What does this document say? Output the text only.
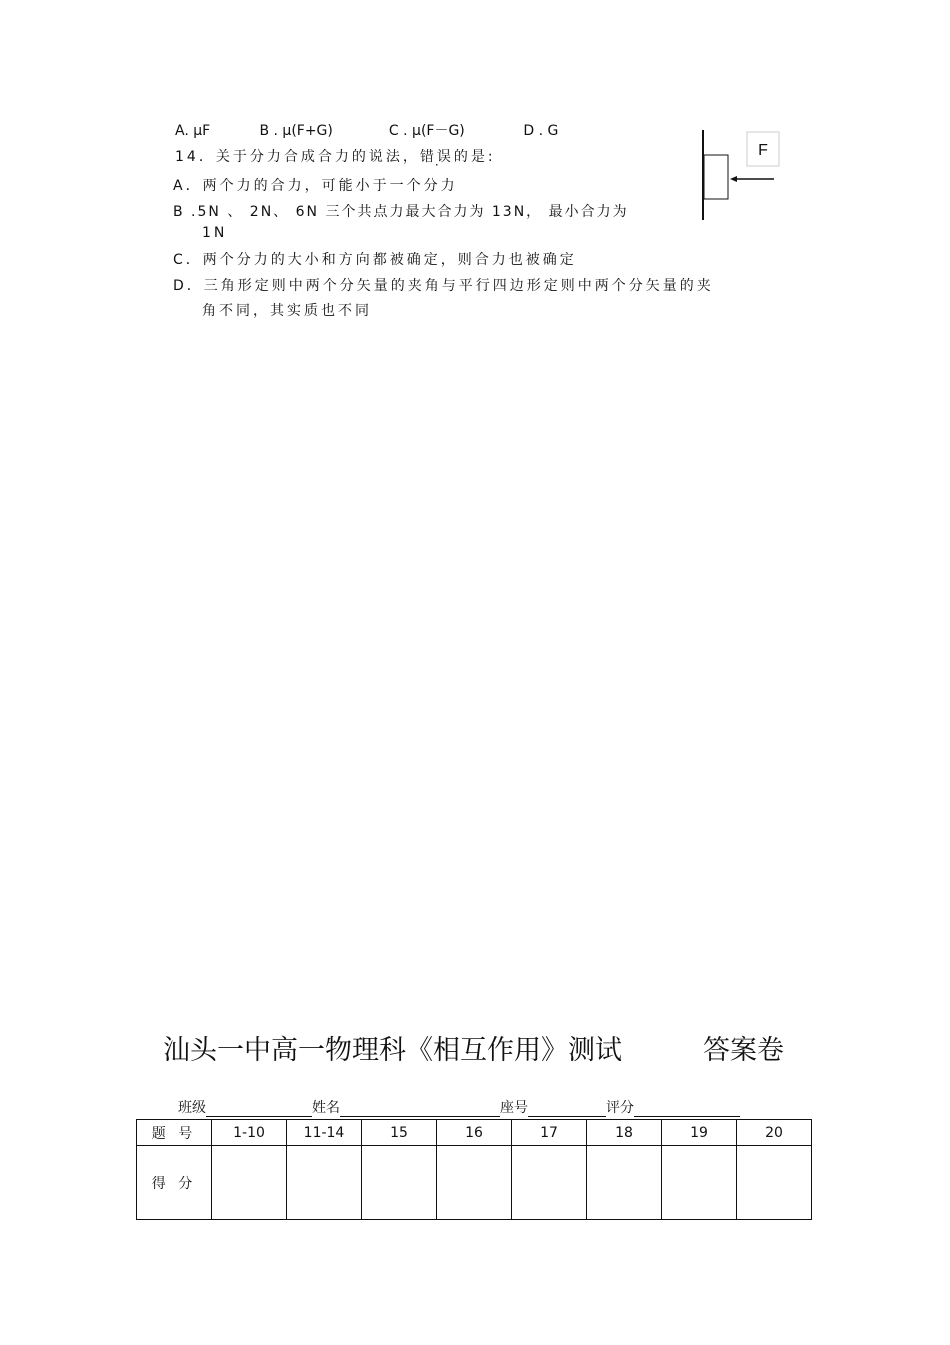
A. μF	B . μ(F+G)	C . μ(F－G)	D . G
14．关于分力合成合力的说法，错误的是:
A．两个力的合力，可能小于一个分力
B .5N 、 2N、 6N 三个共点力最大合力为 13N， 最小合力为
1N
C．两个分力的大小和方向都被确定，则合力也被确定
D．三角形定则中两个分矢量的夹角与平行四边形定则中两个分矢量的夹
角不同，其实质也不同
F
汕头一中高一物理科《相互作用》测试	答案卷
班级	姓名	座号	评分
题 号	1-10	11-14	15	16	17	18	19	20
得 分								
